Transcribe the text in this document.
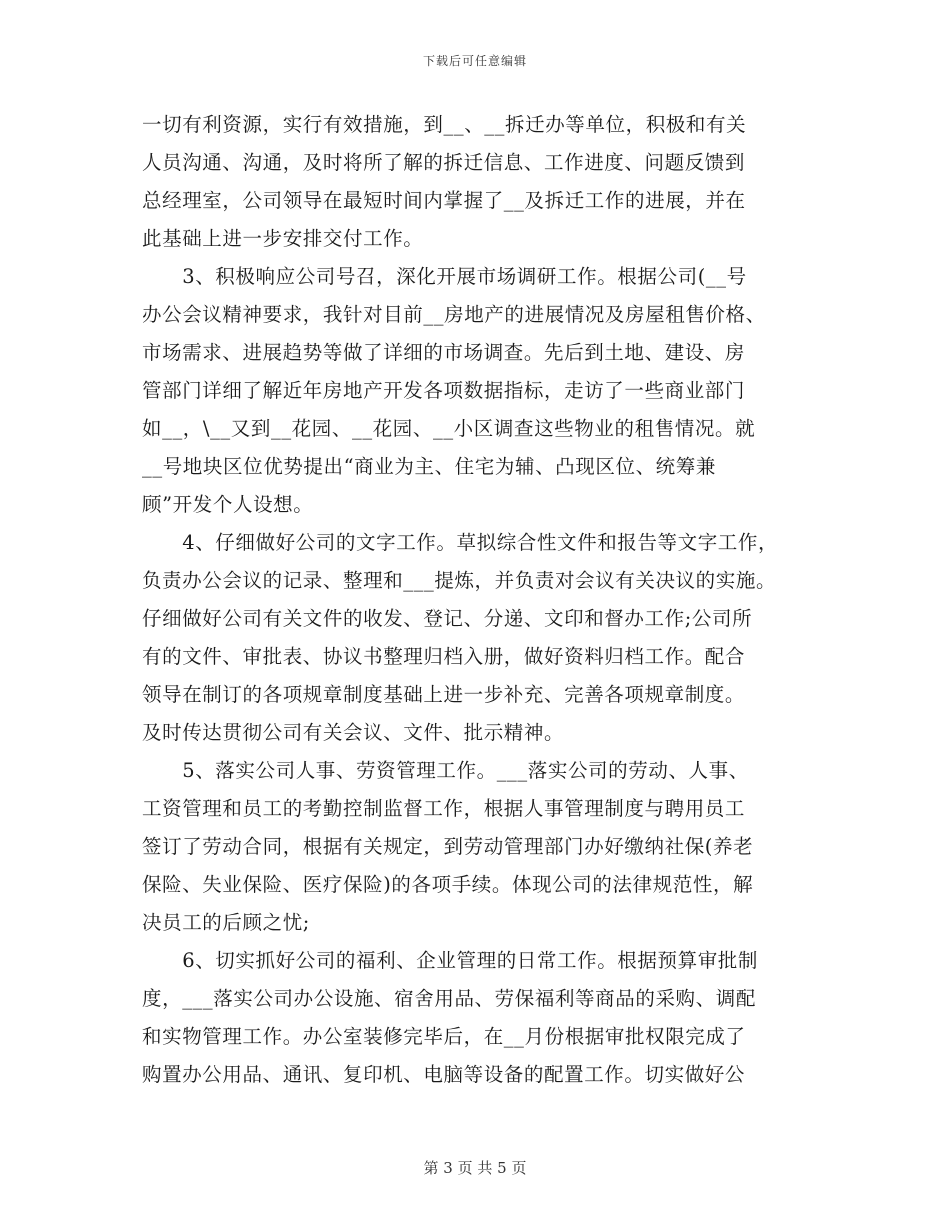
下载后可任意编辑
一切有利资源，实行有效措施，到__、__拆迁办等单位，积极和有关
人员沟通、沟通，及时将所了解的拆迁信息、工作进度、问题反馈到
总经理室，公司领导在最短时间内掌握了__及拆迁工作的进展，并在
此基础上进一步安排交付工作。
　　3、积极响应公司号召，深化开展市场调研工作。根据公司(__号
办公会议精神要求，我针对目前__房地产的进展情况及房屋租售价格、
市场需求、进展趋势等做了详细的市场调查。先后到土地、建设、房
管部门详细了解近年房地产开发各项数据指标，走访了一些商业部门
如__，\__又到__花园、__花园、__小区调查这些物业的租售情况。就
__号地块区位优势提出“商业为主、住宅为辅、凸现区位、统筹兼
顾”开发个人设想。
　　4、仔细做好公司的文字工作。草拟综合性文件和报告等文字工作，
负责办公会议的记录、整理和___提炼，并负责对会议有关决议的实施。
仔细做好公司有关文件的收发、登记、分递、文印和督办工作;公司所
有的文件、审批表、协议书整理归档入册，做好资料归档工作。配合
领导在制订的各项规章制度基础上进一步补充、完善各项规章制度。
及时传达贯彻公司有关会议、文件、批示精神。
　　5、落实公司人事、劳资管理工作。___落实公司的劳动、人事、
工资管理和员工的考勤控制监督工作，根据人事管理制度与聘用员工
签订了劳动合同，根据有关规定，到劳动管理部门办好缴纳社保(养老
保险、失业保险、医疗保险)的各项手续。体现公司的法律规范性，解
决员工的后顾之忧;
　　6、切实抓好公司的福利、企业管理的日常工作。根据预算审批制
度，___落实公司办公设施、宿舍用品、劳保福利等商品的采购、调配
和实物管理工作。办公室装修完毕后，在__月份根据审批权限完成了
购置办公用品、通讯、复印机、电脑等设备的配置工作。切实做好公
第 3 页 共 5 页
